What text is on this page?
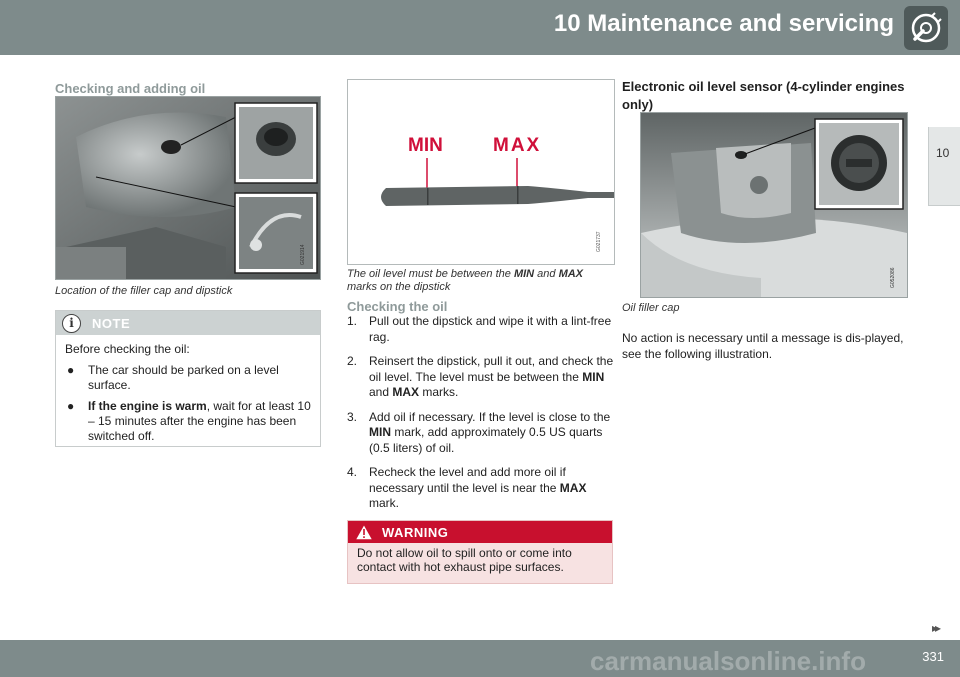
10 Maintenance and servicing
10
Checking and adding oil
G021914
Location of the filler cap and dipstick
i	NOTE
Before checking the oil:
● The car should be parked on a level surface.
● If the engine is warm, wait for at least 10 – 15 minutes after the engine has been switched off.
MIN	MAX
G021737
The oil level must be between the MIN and MAX marks on the dipstick
Checking the oil
1. Pull out the dipstick and wipe it with a lint-free rag.
2. Reinsert the dipstick, pull it out, and check the oil level. The level must be between the MIN and MAX marks.
3. Add oil if necessary. If the level is close to the MIN mark, add approximately 0.5 US quarts (0.5 liters) of oil.
4. Recheck the level and add more oil if necessary until the level is near the MAX mark.
WARNING
Do not allow oil to spill onto or come into contact with hot exhaust pipe surfaces.
Electronic oil level sensor (4-cylinder engines only)
G052086
Oil filler cap
No action is necessary until a message is dis-played, see the following illustration.
▸▸
carmanualsonline.info	331
